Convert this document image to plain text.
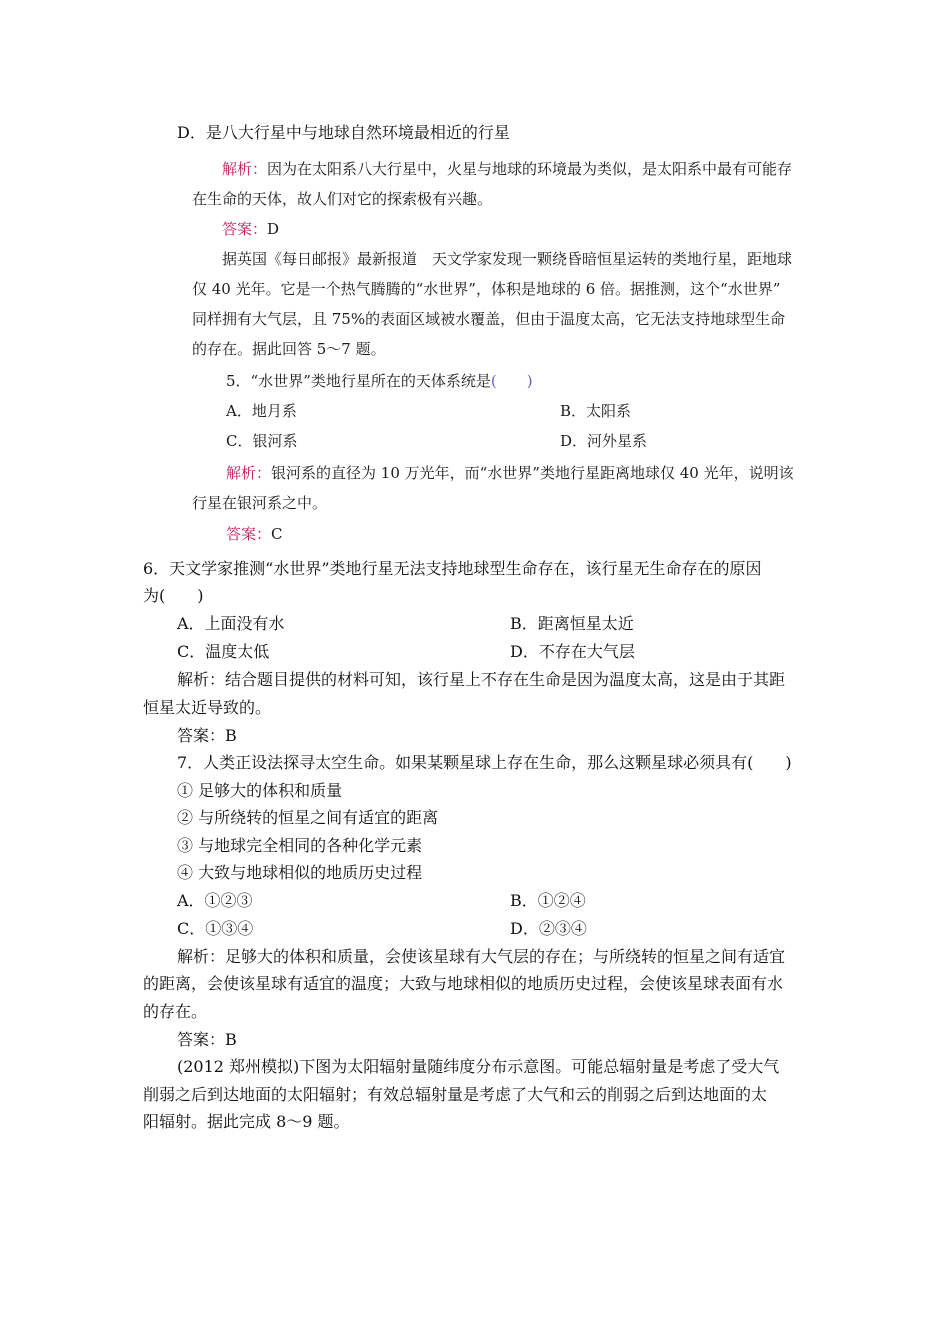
D．是八大行星中与地球自然环境最相近的行星
解析：因为在太阳系八大行星中，火星与地球的环境最为类似，是太阳系中最有可能存
在生命的天体，故人们对它的探索极有兴趣。
答案：D
据英国《每日邮报》最新报道　天文学家发现一颗绕昏暗恒星运转的类地行星，距地球
仅 40 光年。它是一个热气腾腾的“水世界”，体积是地球的 6 倍。据推测，这个“水世界”
同样拥有大气层，且 75%的表面区域被水覆盖，但由于温度太高，它无法支持地球型生命
的存在。据此回答 5～7 题。
5．“水世界”类地行星所在的天体系统是(　　)
A．地月系	B．太阳系
C．银河系	D．河外星系
解析：银河系的直径为 10 万光年，而“水世界”类地行星距离地球仅 40 光年，说明该
行星在银河系之中。
答案：C
6．天文学家推测“水世界”类地行星无法支持地球型生命存在，该行星无生命存在的原因
为(　　)
A．上面没有水	B．距离恒星太近
C．温度太低	D．不存在大气层
解析：结合题目提供的材料可知，该行星上不存在生命是因为温度太高，这是由于其距
恒星太近导致的。
答案：B
7．人类正设法探寻太空生命。如果某颗星球上存在生命，那么这颗星球必须具有(　　)
① 足够大的体积和质量
② 与所绕转的恒星之间有适宜的距离
③ 与地球完全相同的各种化学元素
④ 大致与地球相似的地质历史过程
A．①②③	B．①②④
C．①③④	D．②③④
解析：足够大的体积和质量，会使该星球有大气层的存在；与所绕转的恒星之间有适宜
的距离，会使该星球有适宜的温度；大致与地球相似的地质历史过程，会使该星球表面有水
的存在。
答案：B
(2012 郑州模拟)下图为太阳辐射量随纬度分布示意图。可能总辐射量是考虑了受大气
削弱之后到达地面的太阳辐射；有效总辐射量是考虑了大气和云的削弱之后到达地面的太
阳辐射。据此完成 8～9 题。
